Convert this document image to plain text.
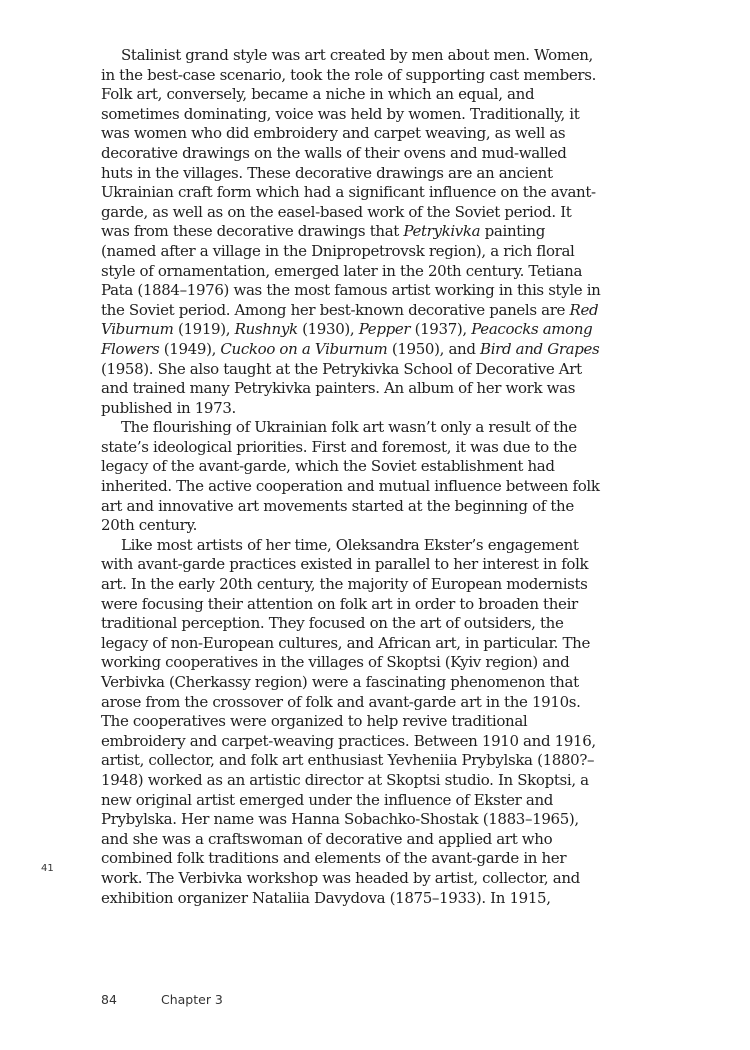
Stalinist grand style was art created by men about men. Women, in the best-case scenario, took the role of supporting cast members. Folk art, conversely, became a niche in which an equal, and sometimes dominating, voice was held by women. Traditionally, it was women who did embroidery and carpet weaving, as well as decorative drawings on the walls of their ovens and mud-walled huts in the villages. These decorative drawings are an ancient Ukrainian craft form which had a significant influence on the avant-garde, as well as on the easel-based work of the Soviet period. It was from these decorative drawings that Petrykivka painting (named after a village in the Dnipropetrovsk region), a rich floral style of ornamentation, emerged later in the 20th century. Tetiana Pata (1884–1976) was the most famous artist working in this style in the Soviet period. Among her best-known decorative panels are Red Viburnum (1919), Rushnyk (1930), Pepper (1937), Peacocks among Flowers (1949), Cuckoo on a Viburnum (1950), and Bird and Grapes (1958). She also taught at the Petrykivka School of Decorative Art and trained many Petrykivka painters. An album of her work was published in 1973.

The flourishing of Ukrainian folk art wasn’t only a result of the state’s ideological priorities. First and foremost, it was due to the legacy of the avant-garde, which the Soviet establishment had inherited. The active cooperation and mutual influence between folk art and innovative art movements started at the beginning of the 20th century.

Like most artists of her time, Oleksandra Ekster’s engagement with avant-garde practices existed in parallel to her interest in folk art. In the early 20th century, the majority of European modernists were focusing their attention on folk art in order to broaden their traditional perception. They focused on the art of outsiders, the legacy of non-European cultures, and African art, in particular. The working cooperatives in the villages of Skoptsi (Kyiv region) and Verbivka (Cherkassy region) were a fascinating phenomenon that arose from the crossover of folk and avant-garde art in the 1910s. The cooperatives were organized to help revive traditional embroidery and carpet-weaving practices. Between 1910 and 1916, artist, collector, and folk art enthusiast Yevheniia Prybylska (1880?–1948) worked as an artistic director at Skoptsi studio. In Skoptsi, a new original artist emerged under the influence of Ekster and Prybylska. Her name was Hanna Sobachko-Shostak (1883–1965), and she was a craftswoman of decorative and applied art who combined folk traditions and elements of the avant-garde in her work. The Verbivka workshop was headed by artist, collector, and exhibition organizer Nataliia Davydova (1875–1933). In 1915,

41
84	Chapter 3
